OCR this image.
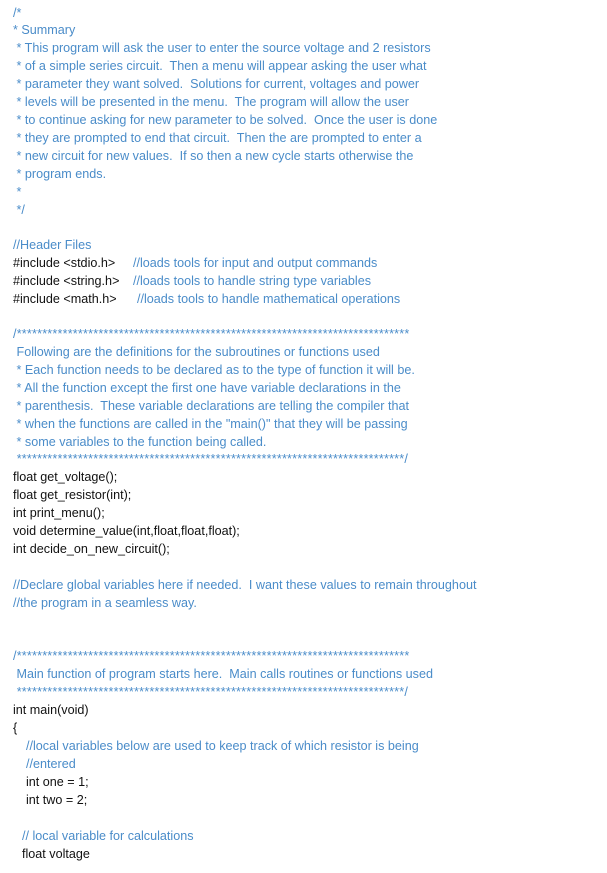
/*
* Summary
* This program will ask the user to enter the source voltage and 2 resistors
* of a simple series circuit.  Then a menu will appear asking the user what
* parameter they want solved.  Solutions for current, voltages and power
* levels will be presented in the menu.  The program will allow the user
* to continue asking for new parameter to be solved.  Once the user is done
* they are prompted to end that circuit.  Then the are prompted to enter a
* new circuit for new values.  If so then a new cycle starts otherwise the
* program ends.
*
*/
//Header Files
#include <stdio.h> //loads tools for input and output commands
#include <string.h> //loads tools to handle string type variables
#include <math.h> //loads tools to handle mathematical operations
/*****************************************************************************
Following are the definitions for the subroutines or functions used
* Each function needs to be declared as to the type of function it will be.
* All the function except the first one have variable declarations in the
* parenthesis.  These variable declarations are telling the compiler that
* when the functions are called in the "main()" that they will be passing
* some variables to the function being called.
****************************************************************************/
float get_voltage();
float get_resistor(int);
int print_menu();
void determine_value(int,float,float,float);
int decide_on_new_circuit();
//Declare global variables here if needed.  I want these values to remain throughout
//the program in a seamless way.
/*****************************************************************************
Main function of program starts here.  Main calls routines or functions used
****************************************************************************/
int main(void)
{
//local variables below are used to keep track of which resistor is being
//entered
int one = 1;
int two = 2;
// local variable for calculations
float voltage
